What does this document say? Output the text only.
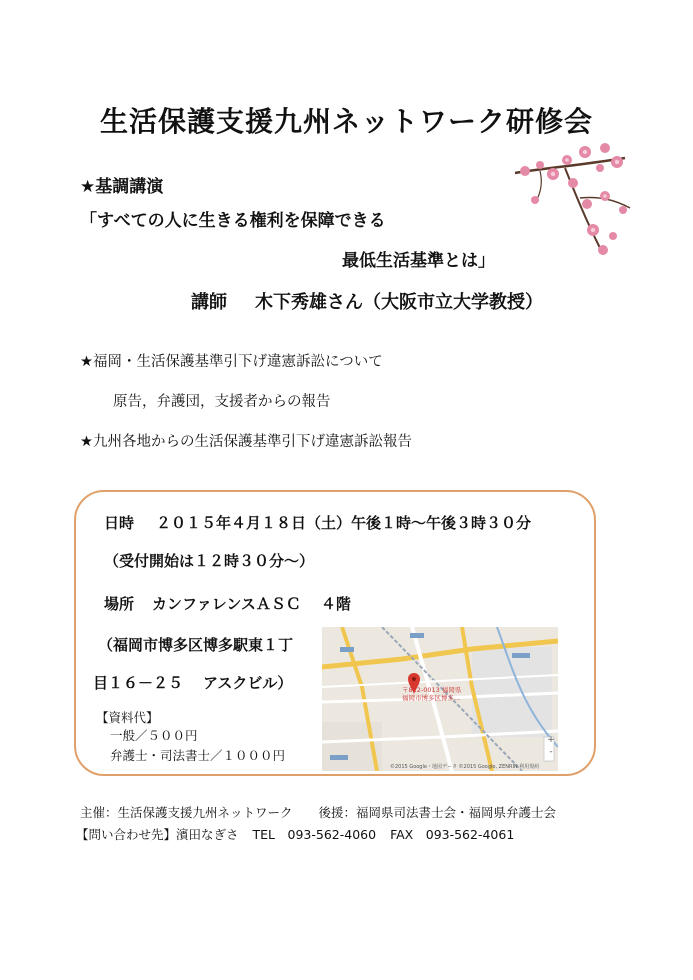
生活保護支援九州ネットワーク研修会
★基調講演
「すべての人に生きる権利を保障できる
最低生活基準とは」
講師 木下秀雄さん（大阪市立大学教授）
★福岡・生活保護基準引下げ違憲訴訟について
原告，弁護団，支援者からの報告
★九州各地からの生活保護基準引下げ違憲訴訟報告
日時 ２０１５年４月１８日（土）午後１時～午後３時３０分
（受付開始は１２時３０分～）
場所 カンファレンスＡＳＣ ４階
（福岡市博多区博多駅東１丁
目１６－２５ アスクビル）
【資料代】
一般／５００円
弁護士・司法書士／１０００円
〒812-0013 福岡県
福岡市博多区博多...
+
-
©2015 Google・地図データ ©2015 Google, ZENRIN 利用規約
主催：生活保護支援九州ネットワーク 後援：福岡県司法書士会・福岡県弁護士会
【問い合わせ先】濱田なぎさ TEL　093-562-4060 FAX　093-562-4061
